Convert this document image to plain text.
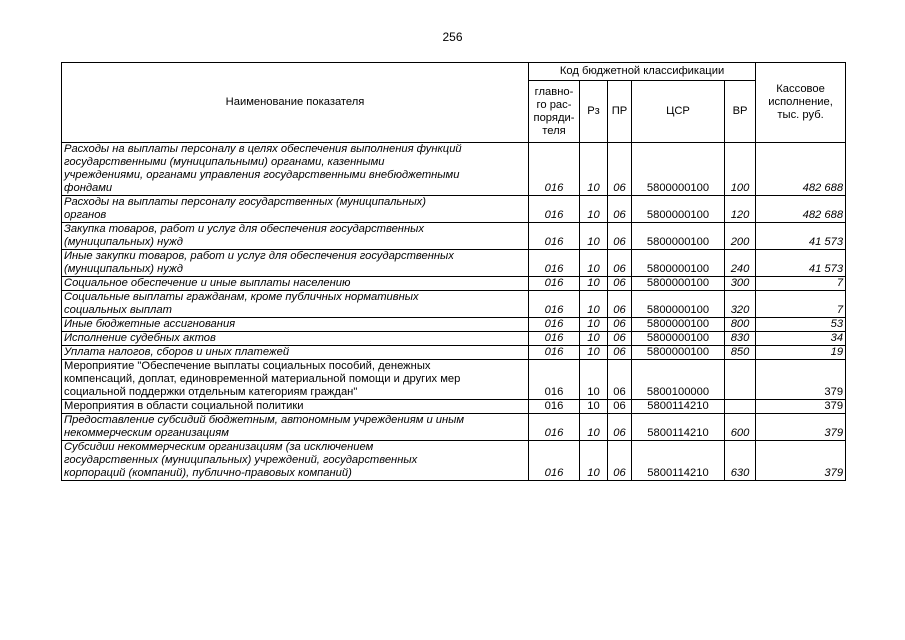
256
Наименование показателя	Код бюджетной классификации					Кассовое
исполнение,
тыс. руб.
	главно-
го рас-
поряди-
теля	Рз	ПР	ЦСР	ВР	

Расходы на выплаты персоналу в целях обеспечения выполнения функций
государственными (муниципальными) органами, казенными
учреждениями, органами управления государственными внебюджетными
фондами	016	10	06	5800000100	100	482 688

Расходы на выплаты персоналу государственных (муниципальных)
органов	016	10	06	5800000100	120	482 688

Закупка товаров, работ и услуг для обеспечения государственных
(муниципальных) нужд	016	10	06	5800000100	200	41 573

Иные закупки товаров, работ и услуг для обеспечения государственных
(муниципальных) нужд	016	10	06	5800000100	240	41 573

Социальное обеспечение и иные выплаты населению	016	10	06	5800000100	300	7

Социальные выплаты гражданам, кроме публичных нормативных
социальных выплат	016	10	06	5800000100	320	7

Иные бюджетные ассигнования	016	10	06	5800000100	800	53

Исполнение судебных актов	016	10	06	5800000100	830	34

Уплата налогов, сборов и иных платежей	016	10	06	5800000100	850	19

Мероприятие "Обеспечение выплаты социальных пособий, денежных
компенсаций, доплат, единовременной материальной помощи и других мер
социальной поддержки отдельным категориям граждан"	016	10	06	5800100000		379

Мероприятия в области социальной политики	016	10	06	5800114210		379

Предоставление субсидий бюджетным, автономным учреждениям и иным
некоммерческим организациям	016	10	06	5800114210	600	379

Субсидии некоммерческим организациям (за исключением
государственных (муниципальных) учреждений, государственных
корпораций (компаний), публично-правовых компаний)	016	10	06	5800114210	630	379
